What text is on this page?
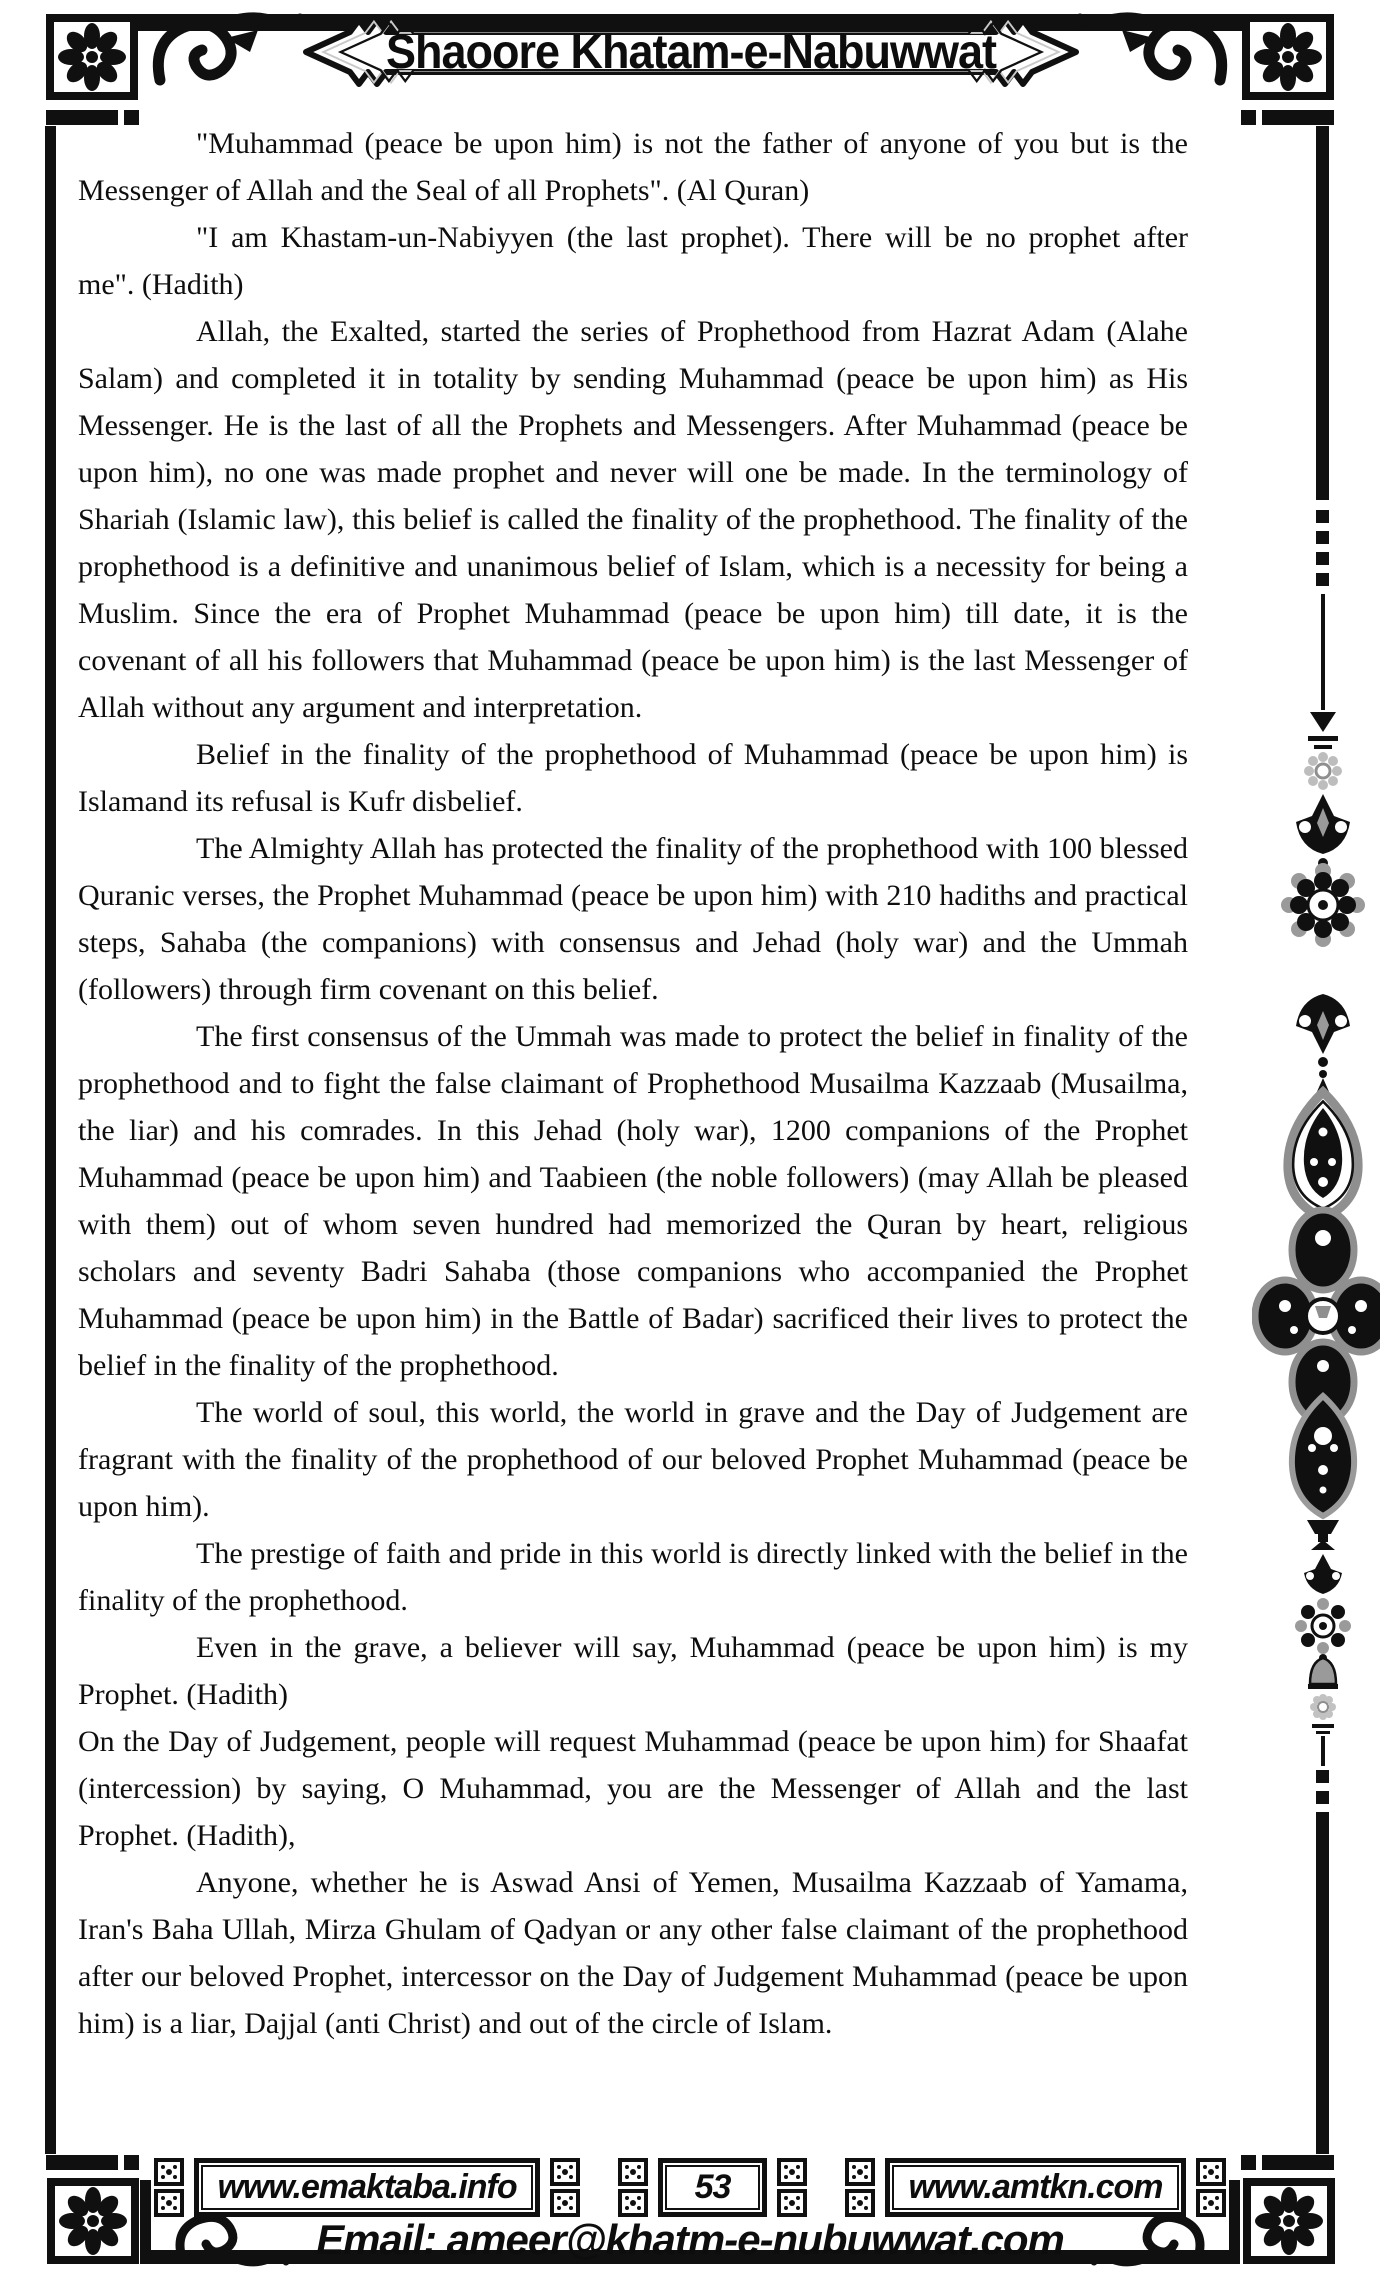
Shaoore Khatam-e-Nabuwwat

"Muhammad (peace be upon him) is not the father of anyone of you but is the Messenger of Allah and the Seal of all Prophets". (Al Quran)

"I am Khastam-un-Nabiyyen (the last prophet). There will be no prophet after me". (Hadith)

Allah, the Exalted, started the series of Prophethood from Hazrat Adam (Alahe Salam) and completed it in totality by sending Muhammad (peace be upon him) as His Messenger. He is the last of all the Prophets and Messengers. After Muhammad (peace be upon him), no one was made prophet and never will one be made. In the terminology of Shariah (Islamic law), this belief is called the finality of the prophethood. The finality of the prophethood is a definitive and unanimous belief of Islam, which is a necessity for being a Muslim. Since the era of Prophet Muhammad (peace be upon him) till date, it is the covenant of all his followers that Muhammad (peace be upon him) is the last Messenger of Allah without any argument and interpretation.

Belief in the finality of the prophethood of Muhammad (peace be upon him) is Islamand its refusal is Kufr disbelief.

The Almighty Allah has protected the finality of the prophethood with 100 blessed Quranic verses, the Prophet Muhammad (peace be upon him) with 210 hadiths and practical steps, Sahaba (the companions) with consensus and Jehad (holy war) and the Ummah (followers) through firm covenant on this belief.

The first consensus of the Ummah was made to protect the belief in finality of the prophethood and to fight the false claimant of Prophethood Musailma Kazzaab (Musailma, the liar) and his comrades. In this Jehad (holy war), 1200 companions of the Prophet Muhammad (peace be upon him) and Taabieen (the noble followers) (may Allah be pleased with them) out of whom seven hundred had memorized the Quran by heart, religious scholars and seventy Badri Sahaba (those companions who accompanied the Prophet Muhammad (peace be upon him) in the Battle of Badar) sacrificed their lives to protect the belief in the finality of the prophethood.

The world of soul, this world, the world in grave and the Day of Judgement are fragrant with the finality of the prophethood of our beloved Prophet Muhammad (peace be upon him).

The prestige of faith and pride in this world is directly linked with the belief in the finality of the prophethood.

Even in the grave, a believer will say, Muhammad (peace be upon him) is my Prophet. (Hadith)

On the Day of Judgement, people will request Muhammad (peace be upon him) for Shaafat (intercession) by saying, O Muhammad, you are the Messenger of Allah and the last Prophet. (Hadith),

Anyone, whether he is Aswad Ansi of Yemen, Musailma Kazzaab of Yamama, Iran's Baha Ullah, Mirza Ghulam of Qadyan or any other false claimant of the prophethood after our beloved Prophet, intercessor on the Day of Judgement Muhammad (peace be upon him) is a liar, Dajjal (anti Christ) and out of the circle of Islam.

www.emaktaba.info	53	www.amtkn.com
Email: ameer@khatm-e-nubuwwat.com
